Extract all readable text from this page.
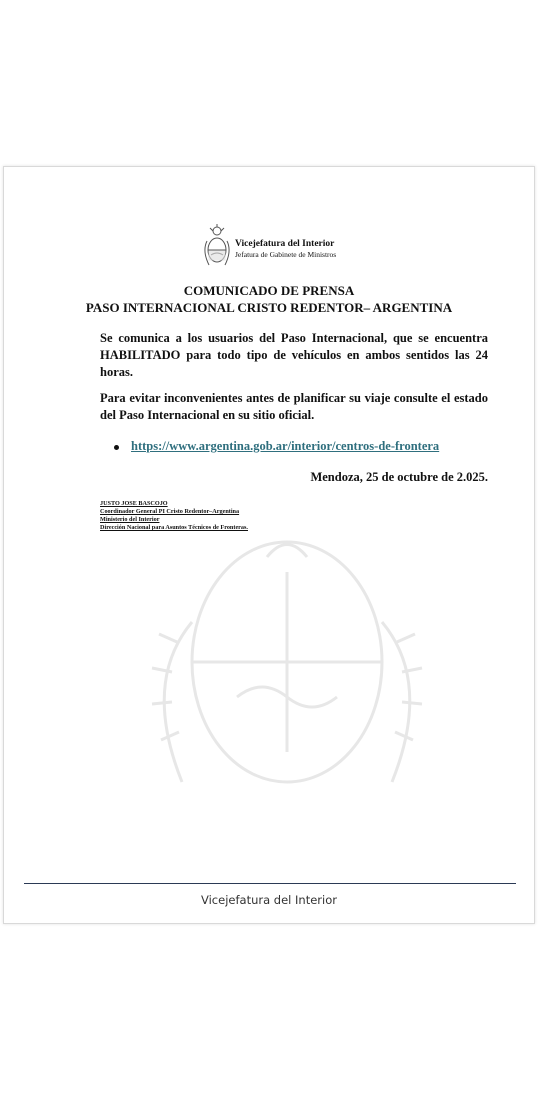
Vicejefatura del Interior
Jefatura de Gabinete de Ministros
COMUNICADO DE PRENSA
PASO INTERNACIONAL CRISTO REDENTOR– ARGENTINA
Se comunica a los usuarios del Paso Internacional, que se encuentra HABILITADO para todo tipo de vehículos en ambos sentidos las 24 horas.
Para evitar inconvenientes antes de planificar su viaje consulte el estado del Paso Internacional en su sitio oficial.
https://www.argentina.gob.ar/interior/centros-de-frontera
Mendoza, 25 de octubre de 2.025.
JUSTO JOSE BASCOJO
Coordinador General PI Cristo Redentor–Argentina
Ministerio del Interior
Dirección Nacional para Asuntos Técnicos de Fronteras.
Vicejefatura del Interior
